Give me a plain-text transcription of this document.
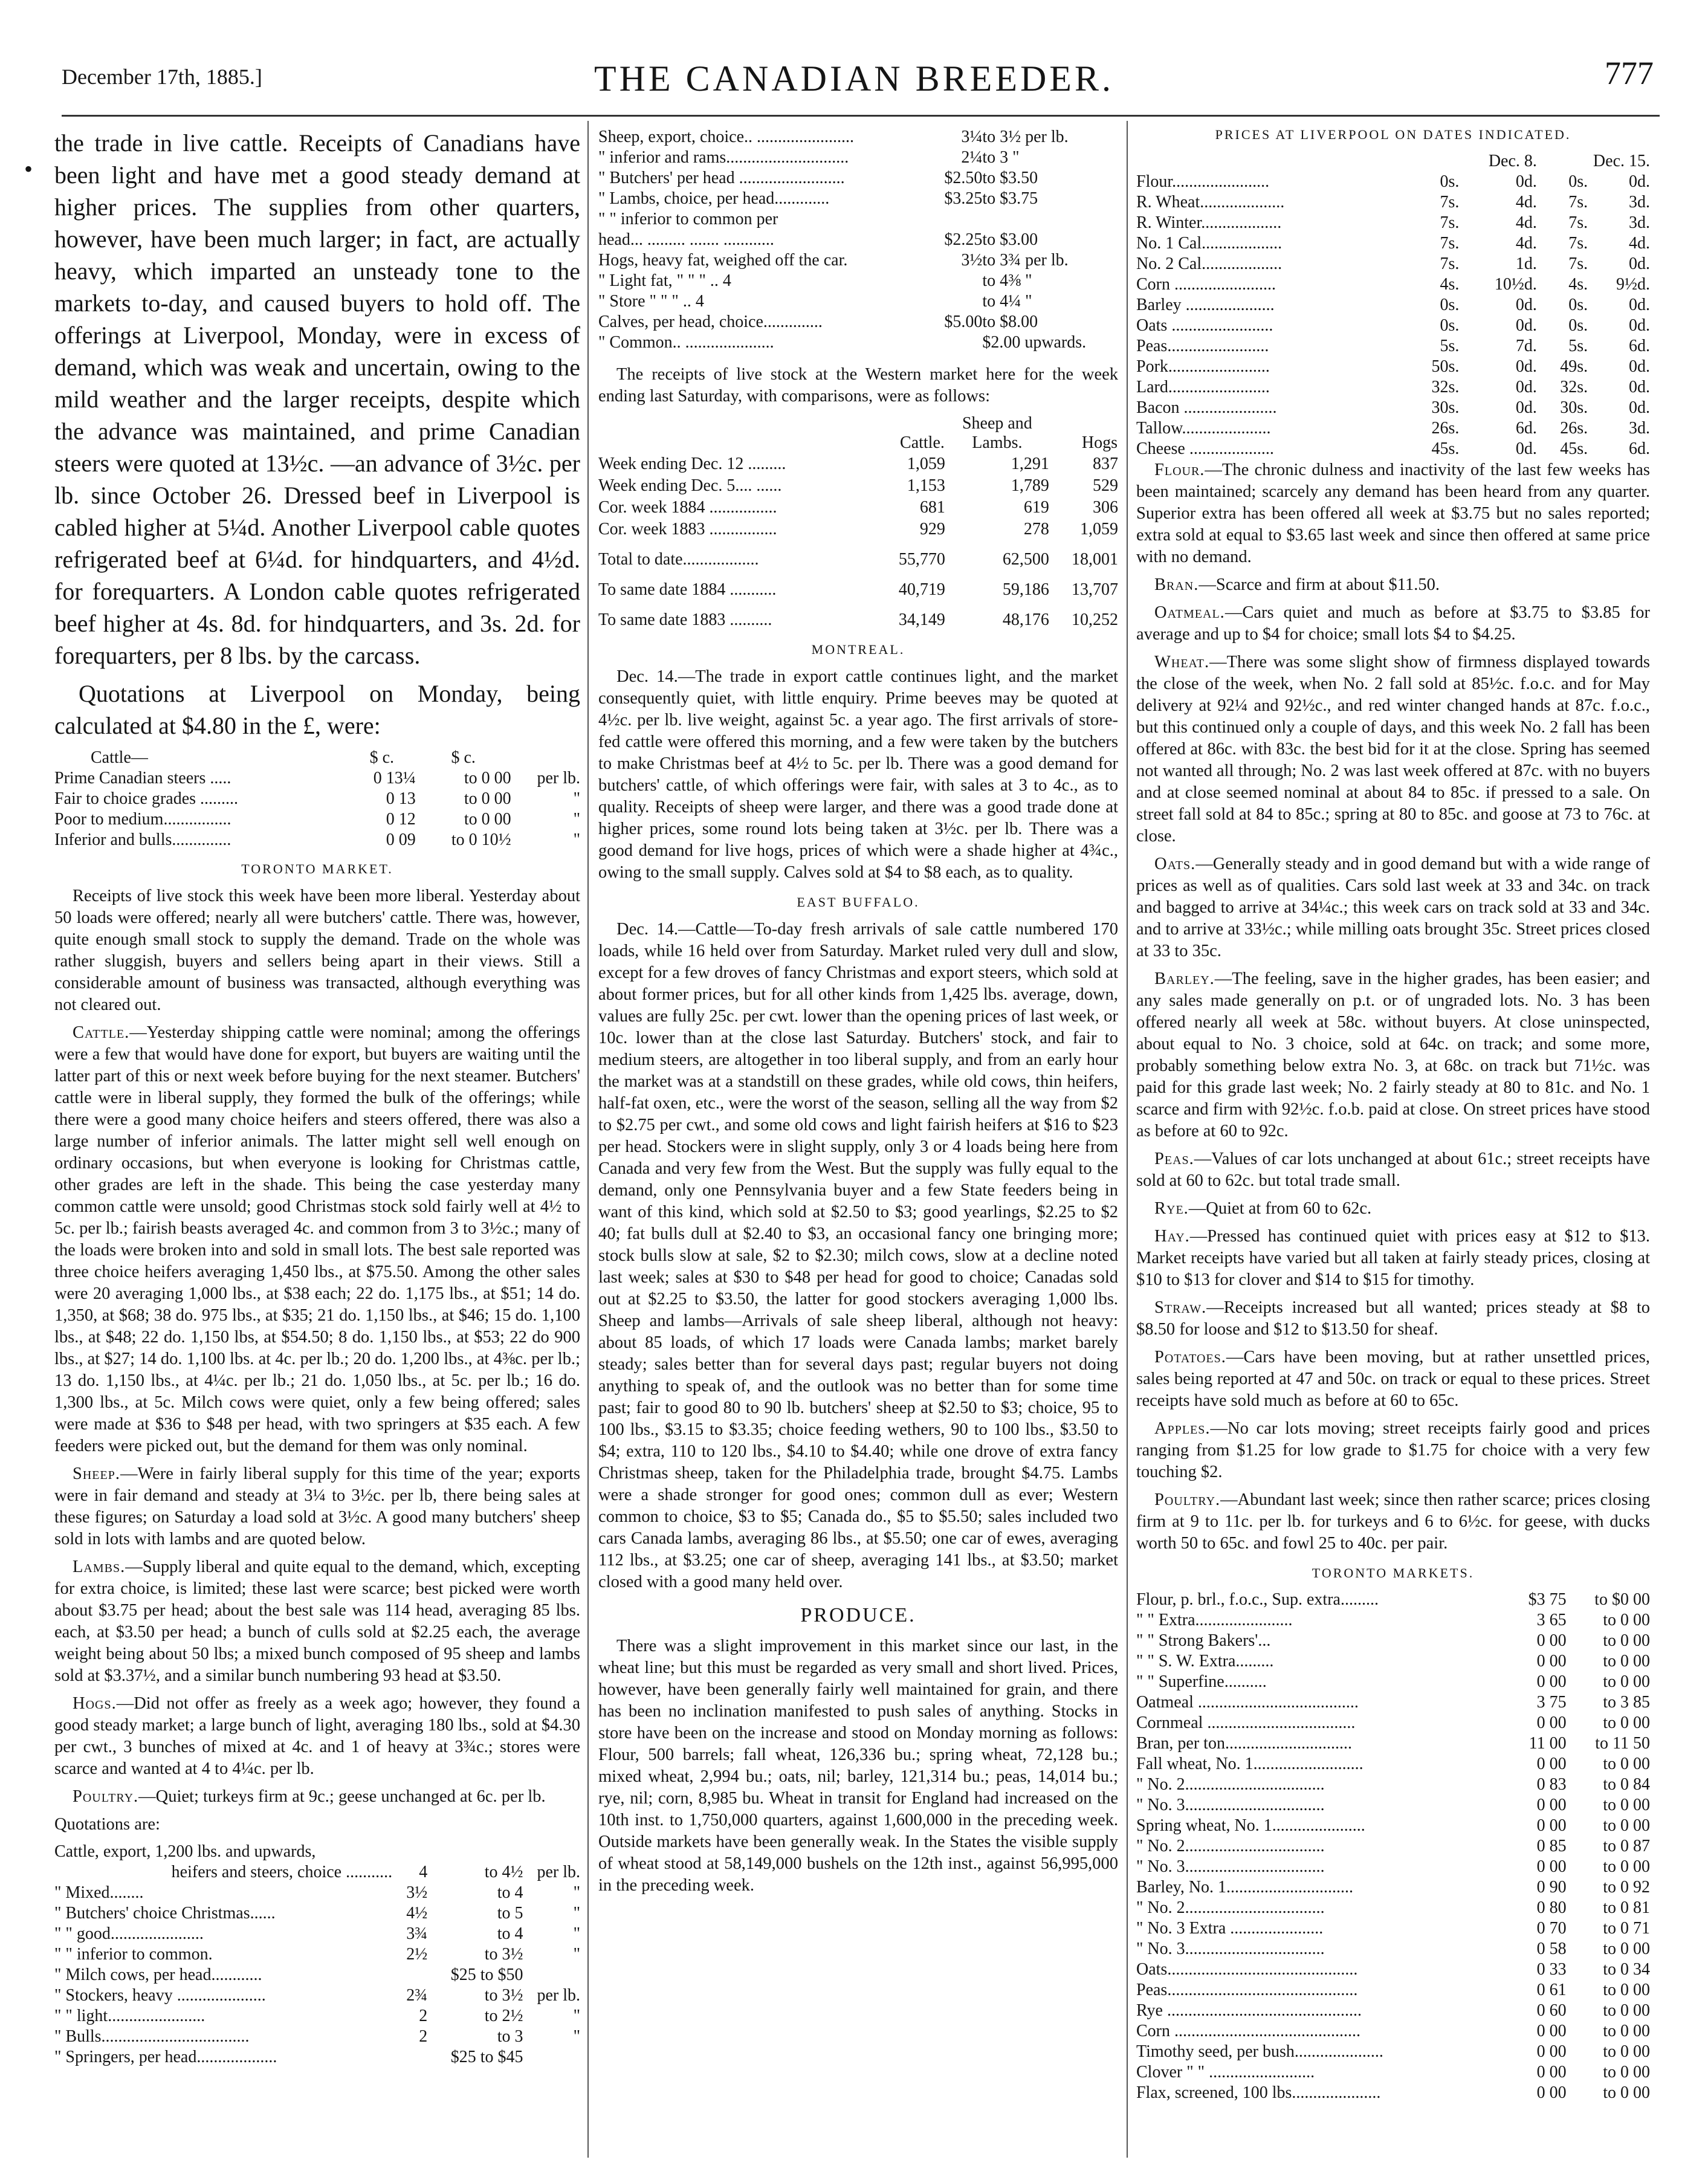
December 17th, 1885.]	THE CANADIAN BREEDER.	777
•
the trade in live cattle. Receipts of Canadians have been light and have met a good steady demand at higher prices. The supplies from other quarters, however, have been much larger; in fact, are actually heavy, which imparted an unsteady tone to the markets to-day, and caused buyers to hold off. The offerings at Liverpool, Monday, were in excess of demand, which was weak and uncertain, owing to the mild weather and the larger receipts, despite which the advance was maintained, and prime Canadian steers were quoted at 13½c. —an advance of 3½c. per lb. since October 26. Dressed beef in Liverpool is cabled higher at 5¼d. Another Liverpool cable quotes refrigerated beef at 6¼d. for hindquarters, and 4½d. for forequarters. A London cable quotes refrigerated beef higher at 4s. 8d. for hindquarters, and 3s. 2d. for forequarters, per 8 lbs. by the carcass.
Quotations at Liverpool on Monday, being calculated at $4.80 in the £, were:
Cattle—	$ c.	$ c.	
Prime Canadian steers .....	0 13¼	to 0 00	per lb.
Fair to choice grades .........	0 13	to 0 00	"
Poor to medium................	0 12	to 0 00	"
Inferior and bulls..............	0 09	to 0 10½	"
TORONTO MARKET.

Receipts of live stock this week have been more liberal. Yesterday about 50 loads were offered; nearly all were butchers' cattle. There was, however, quite enough small stock to supply the demand. Trade on the whole was rather sluggish, buyers and sellers being apart in their views. Still a considerable amount of business was transacted, although everything was not cleared out.

Cattle.—Yesterday shipping cattle were nominal; among the offerings were a few that would have done for export, but buyers are waiting until the latter part of this or next week before buying for the next steamer. Butchers' cattle were in liberal supply, they formed the bulk of the offerings; while there were a good many choice heifers and steers offered, there was also a large number of inferior animals. The latter might sell well enough on ordinary occasions, but when everyone is looking for Christmas cattle, other grades are left in the shade. This being the case yesterday many common cattle were unsold; good Christmas stock sold fairly well at 4½ to 5c. per lb.; fairish beasts averaged 4c. and common from 3 to 3½c.; many of the loads were broken into and sold in small lots. The best sale reported was three choice heifers averaging 1,450 lbs., at $75.50. Among the other sales were 20 averaging 1,000 lbs., at $38 each; 22 do. 1,175 lbs., at $51; 14 do. 1,350, at $68; 38 do. 975 lbs., at $35; 21 do. 1,150 lbs., at $46; 15 do. 1,100 lbs., at $48; 22 do. 1,150 lbs, at $54.50; 8 do. 1,150 lbs., at $53; 22 do 900 lbs., at $27; 14 do. 1,100 lbs. at 4c. per lb.; 20 do. 1,200 lbs., at 4⅜c. per lb.; 13 do. 1,150 lbs., at 4¼c. per lb.; 21 do. 1,050 lbs., at 5c. per lb.; 16 do. 1,300 lbs., at 5c. Milch cows were quiet, only a few being offered; sales were made at $36 to $48 per head, with two springers at $35 each. A few feeders were picked out, but the demand for them was only nominal.

Sheep.—Were in fairly liberal supply for this time of the year; exports were in fair demand and steady at 3¼ to 3½c. per lb, there being sales at these figures; on Saturday a load sold at 3½c. A good many butchers' sheep sold in lots with lambs and are quoted below.

Lambs.—Supply liberal and quite equal to the demand, which, excepting for extra choice, is limited; these last were scarce; best picked were worth about $3.75 per head; about the best sale was 114 head, averaging 85 lbs. each, at $3.50 per head; a bunch of culls sold at $2.25 each, the average weight being about 50 lbs; a mixed bunch composed of 95 sheep and lambs sold at $3.37½, and a similar bunch numbering 93 head at $3.50.

Hogs.—Did not offer as freely as a week ago; however, they found a good steady market; a large bunch of light, averaging 180 lbs., sold at $4.30 per cwt., 3 bunches of mixed at 4c. and 1 of heavy at 3¾c.; stores were scarce and wanted at 4 to 4¼c. per lb.

Poultry.—Quiet; turkeys firm at 9c.; geese unchanged at 6c. per lb.

Quotations are:

Cattle, export, 1,200 lbs. and upwards,			
heifers and steers, choice ...........	4	to 4½	per lb.
" Mixed........	3½	to 4	"
" Butchers' choice Christmas......	4½	to 5	"
" " good......................	3¾	to 4	"
" " inferior to common.	2½	to 3½	"
" Milch cows, per head............		$25 to $50	
" Stockers, heavy .....................	2¾	to 3½	per lb.
" " light.......................	2	to 2½	"
" Bulls...................................	2	to 3	"
" Springers, per head...................		$25 to $45	
Sheep, export, choice.. .......................	3¼	to 3½ per lb.
" inferior and rams.............................	2¼	to 3 "
" Butchers' per head .........................	$2.50	to $3.50
" Lambs, choice, per head.............	$3.25	to $3.75
" " inferior to common per		
head... ......... ....... ............	$2.25	to $3.00
Hogs, heavy fat, weighed off the car.	3½	to 3¾ per lb.
" Light fat, " " " .. 4		to 4⅜ "
" Store " " " .. 4		to 4¼ "
Calves, per head, choice..............	$5.00	to $8.00
" Common.. .....................		$2.00 upwards.

The receipts of live stock at the Western market here for the week ending last Saturday, with comparisons, were as follows:

	Cattle.	Sheep and Lambs.	Hogs
Week ending Dec. 12 .........	1,059	1,291	837
Week ending Dec. 5.... ......	1,153	1,789	529
Cor. week 1884 ................	681	619	306
Cor. week 1883 ................	929	278	1,059
Total to date..................	55,770	62,500	18,001
To same date 1884 ...........	40,719	59,186	13,707
To same date 1883 ..........	34,149	48,176	10,252
MONTREAL.

Dec. 14.—The trade in export cattle continues light, and the market consequently quiet, with little enquiry. Prime beeves may be quoted at 4½c. per lb. live weight, against 5c. a year ago. The first arrivals of store-fed cattle were offered this morning, and a few were taken by the butchers to make Christmas beef at 4½ to 5c. per lb. There was a good demand for butchers' cattle, of which offerings were fair, with sales at 3 to 4c., as to quality. Receipts of sheep were larger, and there was a good trade done at higher prices, some round lots being taken at 3½c. per lb. There was a good demand for live hogs, prices of which were a shade higher at 4¾c., owing to the small supply. Calves sold at $4 to $8 each, as to quality.

EAST BUFFALO.

Dec. 14.—Cattle—To-day fresh arrivals of sale cattle numbered 170 loads, while 16 held over from Saturday. Market ruled very dull and slow, except for a few droves of fancy Christmas and export steers, which sold at about former prices, but for all other kinds from 1,425 lbs. average, down, values are fully 25c. per cwt. lower than the opening prices of last week, or 10c. lower than at the close last Saturday. Butchers' stock, and fair to medium steers, are altogether in too liberal supply, and from an early hour the market was at a standstill on these grades, while old cows, thin heifers, half-fat oxen, etc., were the worst of the season, selling all the way from $2 to $2.75 per cwt., and some old cows and light fairish heifers at $16 to $23 per head. Stockers were in slight supply, only 3 or 4 loads being here from Canada and very few from the West. But the supply was fully equal to the demand, only one Pennsylvania buyer and a few State feeders being in want of this kind, which sold at $2.50 to $3; good yearlings, $2.25 to $2 40; fat bulls dull at $2.40 to $3, an occasional fancy one bringing more; stock bulls slow at sale, $2 to $2.30; milch cows, slow at a decline noted last week; sales at $30 to $48 per head for good to choice; Canadas sold out at $2.25 to $3.50, the latter for good stockers averaging 1,000 lbs. Sheep and lambs—Arrivals of sale sheep liberal, although not heavy: about 85 loads, of which 17 loads were Canada lambs; market barely steady; sales better than for several days past; regular buyers not doing anything to speak of, and the outlook was no better than for some time past; fair to good 80 to 90 lb. butchers' sheep at $2.50 to $3; choice, 95 to 100 lbs., $3.15 to $3.35; choice feeding wethers, 90 to 100 lbs., $3.50 to $4; extra, 110 to 120 lbs., $4.10 to $4.40; while one drove of extra fancy Christmas sheep, taken for the Philadelphia trade, brought $4.75. Lambs were a shade stronger for good ones; common dull as ever; Western common to choice, $3 to $5; Canada do., $5 to $5.50; sales included two cars Canada lambs, averaging 86 lbs., at $5.50; one car of ewes, averaging 112 lbs., at $3.25; one car of sheep, averaging 141 lbs., at $3.50; market closed with a good many held over.

PRODUCE.

There was a slight improvement in this market since our last, in the wheat line; but this must be regarded as very small and short lived. Prices, however, have been generally fairly well maintained for grain, and there has been no inclination manifested to push sales of anything. Stocks in store have been on the increase and stood on Monday morning as follows: Flour, 500 barrels; fall wheat, 126,336 bu.; spring wheat, 72,128 bu.; mixed wheat, 2,994 bu.; oats, nil; barley, 121,314 bu.; peas, 14,014 bu.; rye, nil; corn, 8,985 bu. Wheat in transit for England had increased on the 10th inst. to 1,750,000 quarters, against 1,600,000 in the preceding week. Outside markets have been generally weak. In the States the visible supply of wheat stood at 58,149,000 bushels on the 12th inst., against 56,995,000 in the preceding week.

PRICES AT LIVERPOOL ON DATES INDICATED.
	Dec. 8.		Dec. 15.	
Flour.......................	0s.	0d.	0s.	0d.
R. Wheat....................	7s.	4d.	7s.	3d.
R. Winter...................	7s.	4d.	7s.	3d.
No. 1 Cal...................	7s.	4d.	7s.	4d.
No. 2 Cal...................	7s.	1d.	7s.	0d.
Corn ........................	4s.	10½d.	4s.	9½d.
Barley .....................	0s.	0d.	0s.	0d.
Oats ........................	0s.	0d.	0s.	0d.
Peas........................	5s.	7d.	5s.	6d.
Pork........................	50s.	0d.	49s.	0d.
Lard........................	32s.	0d.	32s.	0d.
Bacon ......................	30s.	0d.	30s.	0d.
Tallow.....................	26s.	6d.	26s.	3d.
Cheese ....................	45s.	0d.	45s.	6d.

Flour.—The chronic dulness and inactivity of the last few weeks has been maintained; scarcely any demand has been heard from any quarter. Superior extra has been offered all week at $3.75 but no sales reported; extra sold at equal to $3.65 last week and since then offered at same price with no demand.

Bran.—Scarce and firm at about $11.50.

Oatmeal.—Cars quiet and much as before at $3.75 to $3.85 for average and up to $4 for choice; small lots $4 to $4.25.

Wheat.—There was some slight show of firmness displayed towards the close of the week, when No. 2 fall sold at 85½c. f.o.c. and for May delivery at 92¼ and 92½c., and red winter changed hands at 87c. f.o.c., but this continued only a couple of days, and this week No. 2 fall has been offered at 86c. with 83c. the best bid for it at the close. Spring has seemed not wanted all through; No. 2 was last week offered at 87c. with no buyers and at close seemed nominal at about 84 to 85c. if pressed to a sale. On street fall sold at 84 to 85c.; spring at 80 to 85c. and goose at 73 to 76c. at close.

Oats.—Generally steady and in good demand but with a wide range of prices as well as of qualities. Cars sold last week at 33 and 34c. on track and bagged to arrive at 34¼c.; this week cars on track sold at 33 and 34c. and to arrive at 33½c.; while milling oats brought 35c. Street prices closed at 33 to 35c.

Barley.—The feeling, save in the higher grades, has been easier; and any sales made generally on p.t. or of ungraded lots. No. 3 has been offered nearly all week at 58c. without buyers. At close uninspected, about equal to No. 3 choice, sold at 64c. on track; and some more, probably something below extra No. 3, at 68c. on track but 71½c. was paid for this grade last week; No. 2 fairly steady at 80 to 81c. and No. 1 scarce and firm with 92½c. f.o.b. paid at close. On street prices have stood as before at 60 to 92c.

Peas.—Values of car lots unchanged at about 61c.; street receipts have sold at 60 to 62c. but total trade small.

Rye.—Quiet at from 60 to 62c.

Hay.—Pressed has continued quiet with prices easy at $12 to $13. Market receipts have varied but all taken at fairly steady prices, closing at $10 to $13 for clover and $14 to $15 for timothy.

Straw.—Receipts increased but all wanted; prices steady at $8 to $8.50 for loose and $12 to $13.50 for sheaf.

Potatoes.—Cars have been moving, but at rather unsettled prices, sales being reported at 47 and 50c. on track or equal to these prices. Street receipts have sold much as before at 60 to 65c.

Apples.—No car lots moving; street receipts fairly good and prices ranging from $1.25 for low grade to $1.75 for choice with a very few touching $2.

Poultry.—Abundant last week; since then rather scarce; prices closing firm at 9 to 11c. per lb. for turkeys and 6 to 6½c. for geese, with ducks worth 50 to 65c. and fowl 25 to 40c. per pair.

TORONTO MARKETS.
Flour, p. brl., f.o.c., Sup. extra.........	$3 75	to $0 00
" " Extra.......................	3 65	to 0 00
" " Strong Bakers'...	0 00	to 0 00
" " S. W. Extra.........	0 00	to 0 00
" " Superfine..........	0 00	to 0 00
Oatmeal ......................................	3 75	to 3 85
Cornmeal ...................................	0 00	to 0 00
Bran, per ton..............................	11 00	to 11 50
Fall wheat, No. 1..........................	0 00	to 0 00
" No. 2.................................	0 83	to 0 84
" No. 3.................................	0 00	to 0 00
Spring wheat, No. 1......................	0 00	to 0 00
" No. 2.................................	0 85	to 0 87
" No. 3.................................	0 00	to 0 00
Barley, No. 1..............................	0 90	to 0 92
" No. 2.................................	0 80	to 0 81
" No. 3 Extra ......................	0 70	to 0 71
" No. 3.................................	0 58	to 0 00
Oats.............................................	0 33	to 0 34
Peas.............................................	0 61	to 0 00
Rye ..............................................	0 60	to 0 00
Corn ............................................	0 00	to 0 00
Timothy seed, per bush.....................	0 00	to 0 00
Clover " " .........................	0 00	to 0 00
Flax, screened, 100 lbs.....................	0 00	to 0 00
